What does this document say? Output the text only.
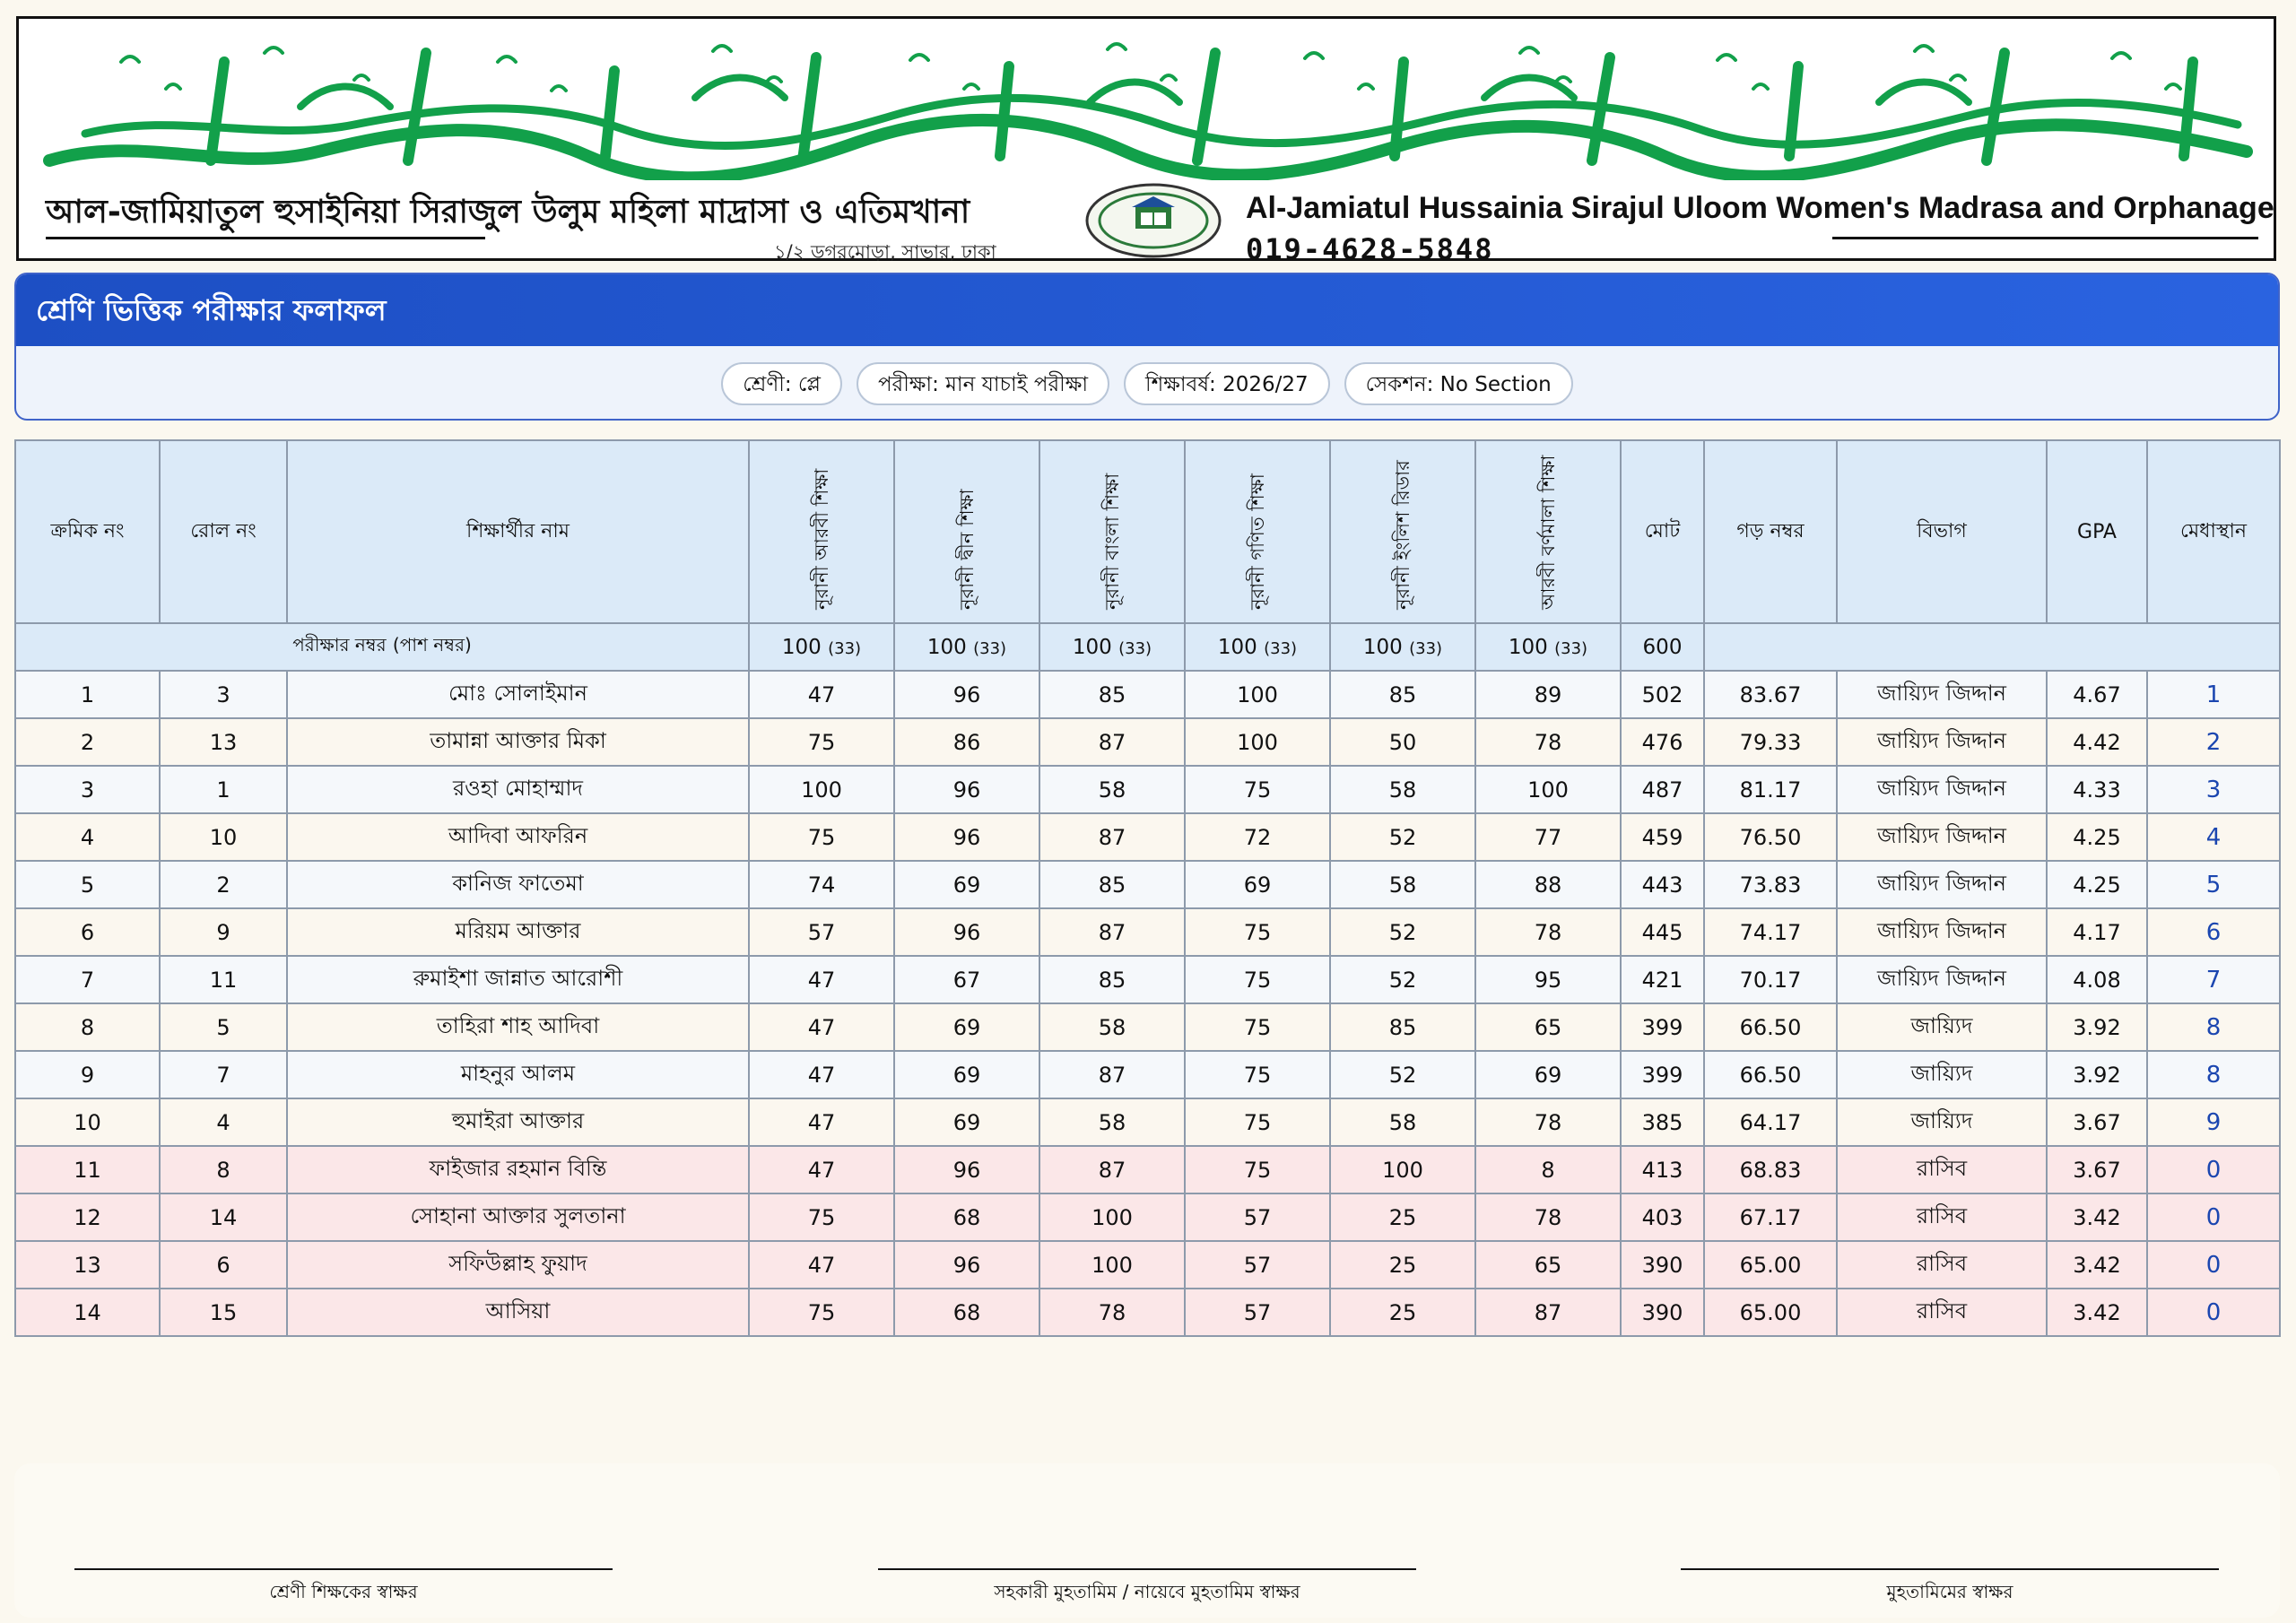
আল-জামিয়াতুল হুসাইনিয়া সিরাজুল উলুম মহিলা মাদ্রাসা ও এতিমখানা
১/২ ডগরমোড়া, সাভার, ঢাকা
Al-Jamiatul Hussainia Sirajul Uloom Women's Madrasa and Orphanage
019-4628-5848
শ্রেণি ভিত্তিক পরীক্ষার ফলাফল
শ্রেণী: প্লে	পরীক্ষা: মান যাচাই পরীক্ষা	শিক্ষাবর্ষ: 2026/27	সেকশন: No Section
ক্রমিক নং	রোল নং	শিক্ষার্থীর নাম	নূরানী আরবী শিক্ষা	নূরানী দ্বীন শিক্ষা	নূরানী বাংলা শিক্ষা	নূরানী গণিত শিক্ষা	নূরানী ইংলিশ রিডার	আরবী বর্ণমালা শিক্ষা	মোট	গড় নম্বর	বিভাগ	GPA	মেধাস্থান
পরীক্ষার নম্বর (পাশ নম্বর)			100 (33)	100 (33)	100 (33)	100 (33)	100 (33)	100 (33)	600				
1	3	মোঃ সোলাইমান	47	96	85	100	85	89	502	83.67	জায়্যিদ জিদ্দান	4.67	1
2	13	তামান্না আক্তার মিকা	75	86	87	100	50	78	476	79.33	জায়্যিদ জিদ্দান	4.42	2
3	1	রওহা মোহাম্মাদ	100	96	58	75	58	100	487	81.17	জায়্যিদ জিদ্দান	4.33	3
4	10	আদিবা আফরিন	75	96	87	72	52	77	459	76.50	জায়্যিদ জিদ্দান	4.25	4
5	2	কানিজ ফাতেমা	74	69	85	69	58	88	443	73.83	জায়্যিদ জিদ্দান	4.25	5
6	9	মরিয়ম আক্তার	57	96	87	75	52	78	445	74.17	জায়্যিদ জিদ্দান	4.17	6
7	11	রুমাইশা জান্নাত আরোশী	47	67	85	75	52	95	421	70.17	জায়্যিদ জিদ্দান	4.08	7
8	5	তাহিরা শাহ আদিবা	47	69	58	75	85	65	399	66.50	জায়্যিদ	3.92	8
9	7	মাহনুর আলম	47	69	87	75	52	69	399	66.50	জায়্যিদ	3.92	8
10	4	হুমাইরা আক্তার	47	69	58	75	58	78	385	64.17	জায়্যিদ	3.67	9
11	8	ফাইজার রহমান বিন্তি	47	96	87	75	100	8	413	68.83	রাসিব	3.67	0
12	14	সোহানা আক্তার সুলতানা	75	68	100	57	25	78	403	67.17	রাসিব	3.42	0
13	6	সফিউল্লাহ ফুয়াদ	47	96	100	57	25	65	390	65.00	রাসিব	3.42	0
14	15	আসিয়া	75	68	78	57	25	87	390	65.00	রাসিব	3.42	0
শ্রেণী শিক্ষকের স্বাক্ষর	সহকারী মুহতামিম / নায়েবে মুহতামিম স্বাক্ষর	মুহতামিমের স্বাক্ষর
